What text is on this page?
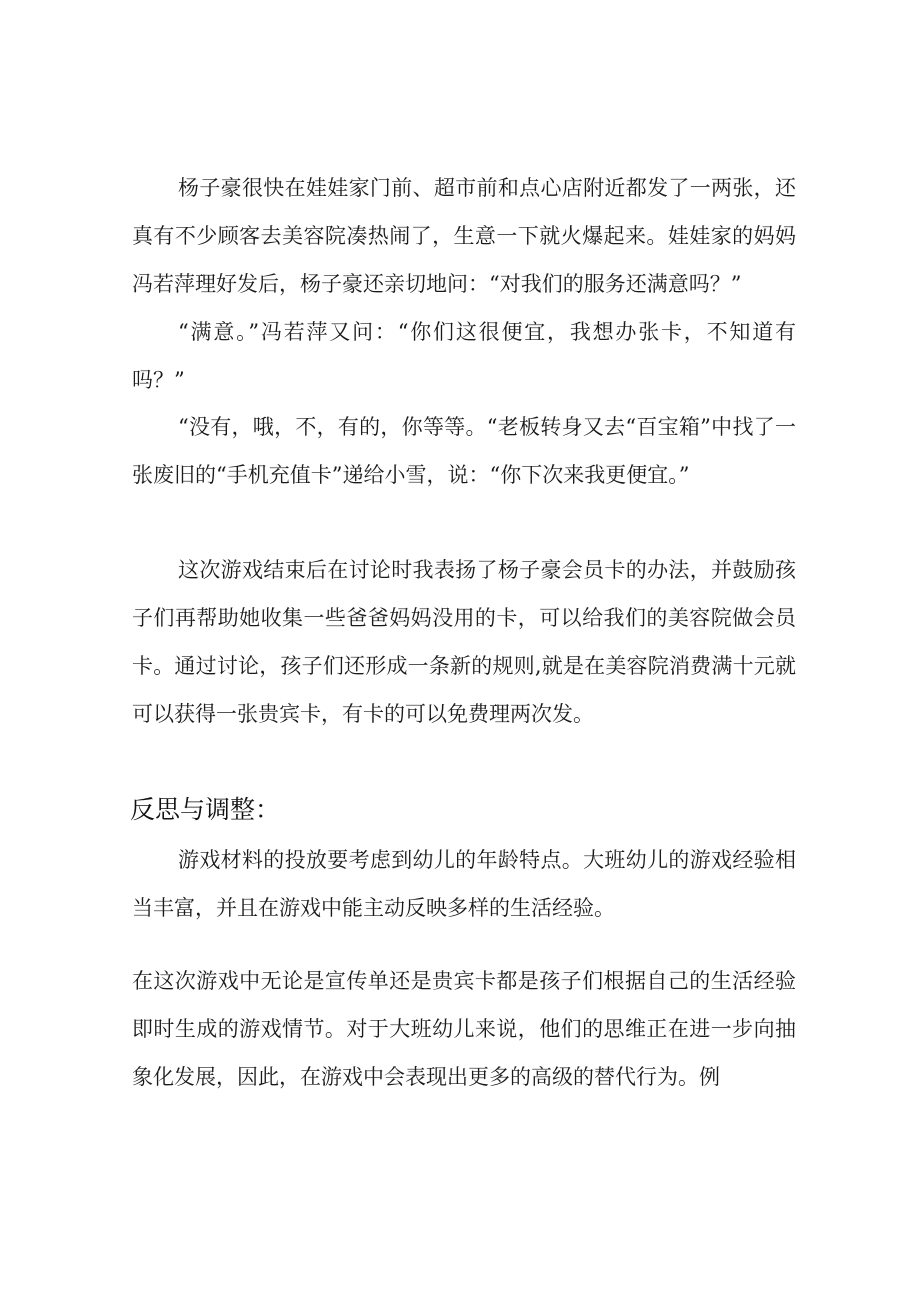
杨子豪很快在娃娃家门前、超市前和点心店附近都发了一两张，还真有不少顾客去美容院凑热闹了，生意一下就火爆起来。娃娃家的妈妈冯若萍理好发后，杨子豪还亲切地问：“对我们的服务还满意吗？”

“满意。”冯若萍又问：“你们这很便宜，我想办张卡，不知道有吗？”

“没有，哦，不，有的，你等等。“老板转身又去“百宝箱”中找了一张废旧的“手机充值卡”递给小雪，说：“你下次来我更便宜。”

这次游戏结束后在讨论时我表扬了杨子豪会员卡的办法，并鼓励孩子们再帮助她收集一些爸爸妈妈没用的卡，可以给我们的美容院做会员卡。通过讨论，孩子们还形成一条新的规则,就是在美容院消费满十元就可以获得一张贵宾卡，有卡的可以免费理两次发。

反思与调整：

游戏材料的投放要考虑到幼儿的年龄特点。大班幼儿的游戏经验相当丰富，并且在游戏中能主动反映多样的生活经验。

在这次游戏中无论是宣传单还是贵宾卡都是孩子们根据自己的生活经验即时生成的游戏情节。对于大班幼儿来说，他们的思维正在进一步向抽象化发展，因此，在游戏中会表现出更多的高级的替代行为。例
